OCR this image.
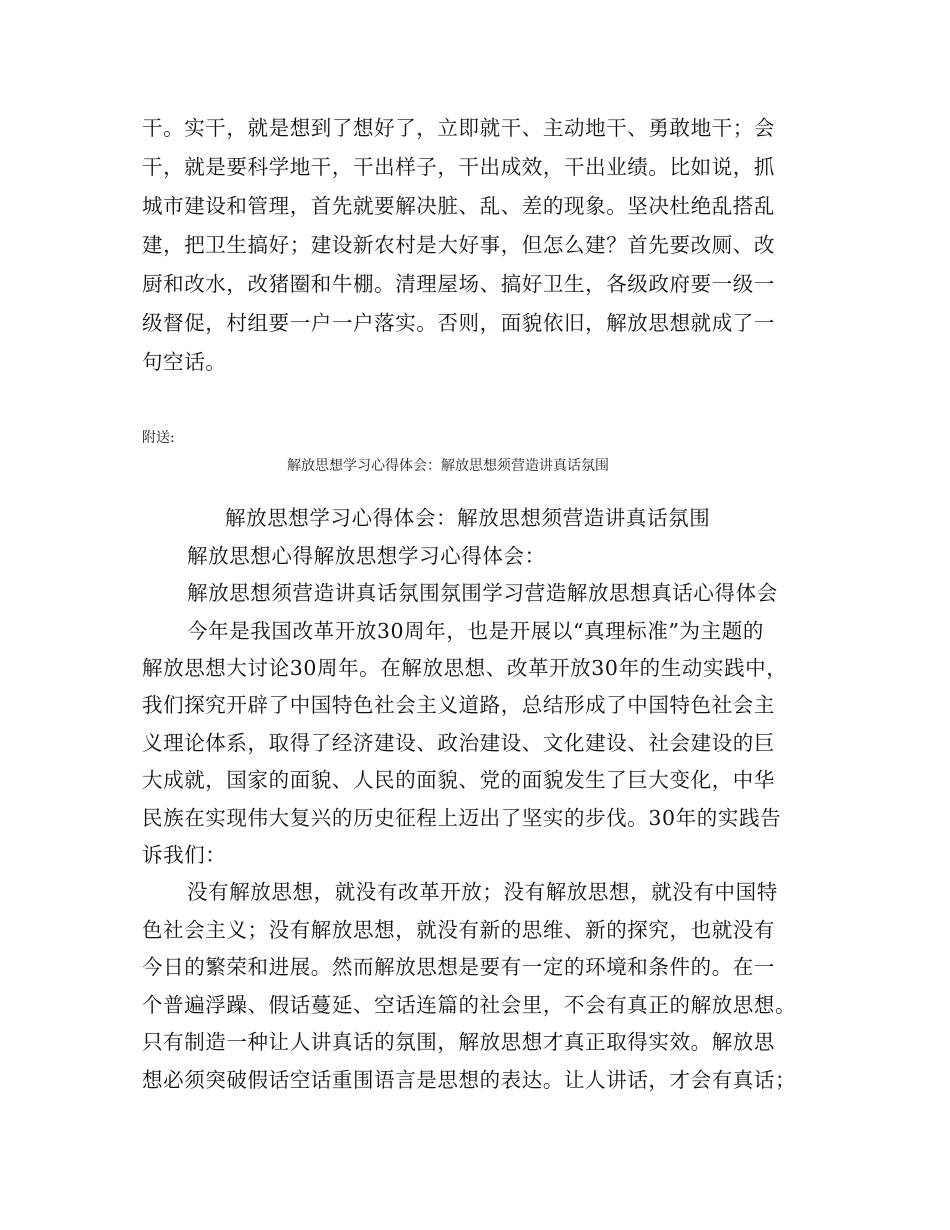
干。实干，就是想到了想好了，立即就干、主动地干、勇敢地干；会
干，就是要科学地干，干出样子，干出成效，干出业绩。比如说，抓
城市建设和管理，首先就要解决脏、乱、差的现象。坚决杜绝乱搭乱
建，把卫生搞好；建设新农村是大好事，但怎么建？首先要改厕、改
厨和改水，改猪圈和牛棚。清理屋场、搞好卫生，各级政府要一级一
级督促，村组要一户一户落实。否则，面貌依旧，解放思想就成了一
句空话。
附送:
解放思想学习心得体会：解放思想须营造讲真话氛围
解放思想学习心得体会：解放思想须营造讲真话氛围
解放思想心得解放思想学习心得体会：
解放思想须营造讲真话氛围氛围学习营造解放思想真话心得体会
今年是我国改革开放30周年，也是开展以“真理标准”为主题的
解放思想大讨论30周年。在解放思想、改革开放30年的生动实践中，
我们探究开辟了中国特色社会主义道路，总结形成了中国特色社会主
义理论体系，取得了经济建设、政治建设、文化建设、社会建设的巨
大成就，国家的面貌、人民的面貌、党的面貌发生了巨大变化，中华
民族在实现伟大复兴的历史征程上迈出了坚实的步伐。30年的实践告
诉我们：
没有解放思想，就没有改革开放；没有解放思想，就没有中国特
色社会主义；没有解放思想，就没有新的思维、新的探究，也就没有
今日的繁荣和进展。然而解放思想是要有一定的环境和条件的。在一
个普遍浮躁、假话蔓延、空话连篇的社会里，不会有真正的解放思想。
只有制造一种让人讲真话的氛围，解放思想才真正取得实效。解放思
想必须突破假话空话重围语言是思想的表达。让人讲话，才会有真话；
